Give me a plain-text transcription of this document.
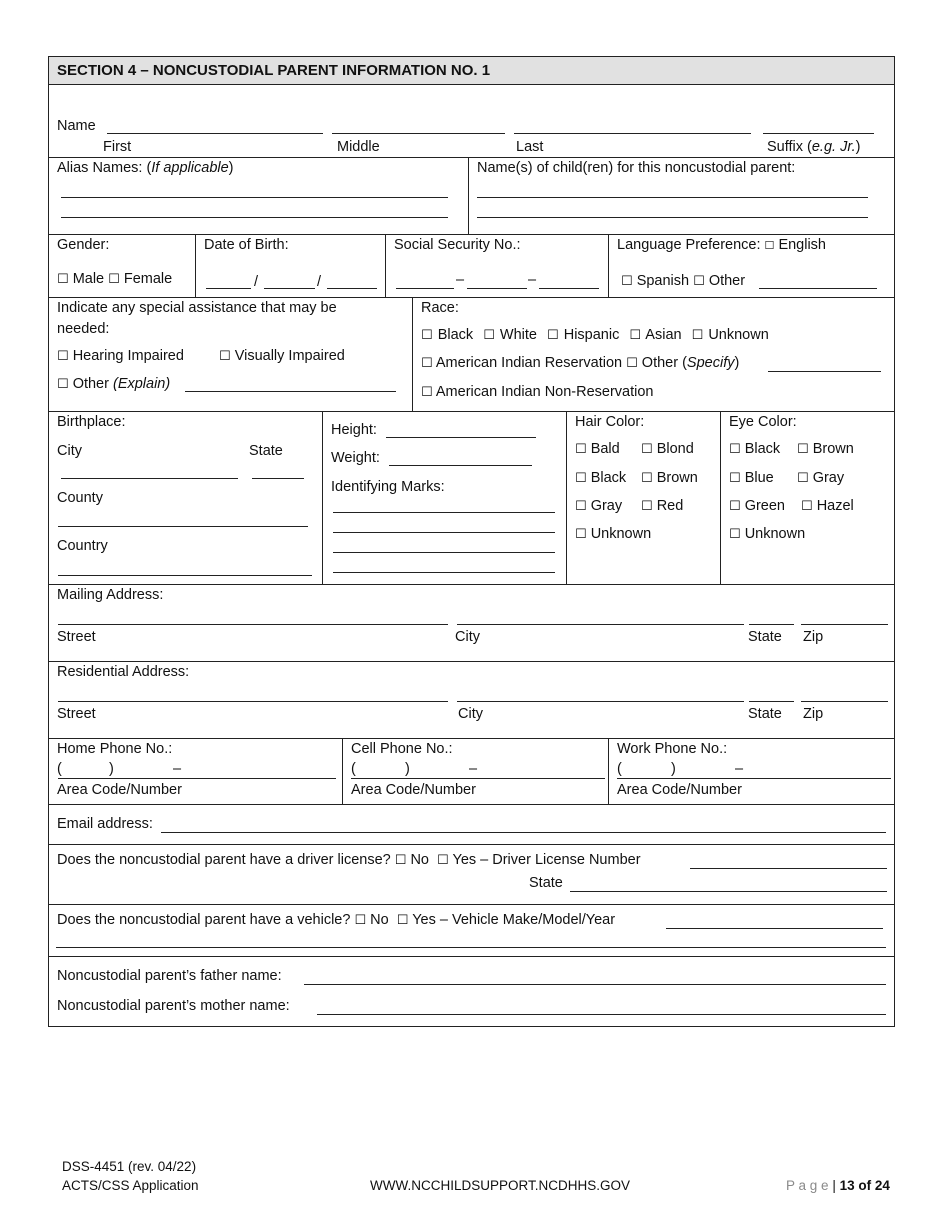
SECTION 4 – NONCUSTODIAL PARENT INFORMATION NO. 1
Name
First	Middle	Last	Suffix (e.g. Jr.)
Alias Names: (If applicable)	Name(s) of child(ren) for this noncustodial parent:
Gender:
☐ Male ☐ Female
Date of Birth:
/	/
Social Security No.:
–	–
Language Preference: ☐ English
☐ Spanish ☐ Other
Indicate any special assistance that may be
needed:
☐ Hearing Impaired	☐ Visually Impaired
☐ Other (Explain)
Race:
☐ Black ☐ White ☐ Hispanic ☐ Asian ☐ Unknown
☐ American Indian Reservation ☐ Other (Specify)
☐ American Indian Non-Reservation
Birthplace:
City	State
County
Country
Height:
Weight:
Identifying Marks:
Hair Color:
☐ Bald ☐ Blond
☐ Black ☐ Brown
☐ Gray ☐ Red
☐ Unknown
Eye Color:
☐ Black ☐ Brown
☐ Blue ☐ Gray
☐ Green ☐ Hazel
☐ Unknown
Mailing Address:
Street	City	State Zip
Residential Address:
Street	City	State Zip
Home Phone No.:
(	)	–
Area Code/Number
Cell Phone No.:
(	)	–
Area Code/Number
Work Phone No.:
(	)	–
Area Code/Number
Email address:
Does the noncustodial parent have a driver license? ☐ No ☐ Yes – Driver License Number
State
Does the noncustodial parent have a vehicle? ☐ No ☐ Yes – Vehicle Make/Model/Year
Noncustodial parent’s father name:
Noncustodial parent’s mother name:
DSS-4451 (rev. 04/22)
ACTS/CSS Application	WWW.NCCHILDSUPPORT.NCDHHS.GOV	P a g e | 13 of 24
